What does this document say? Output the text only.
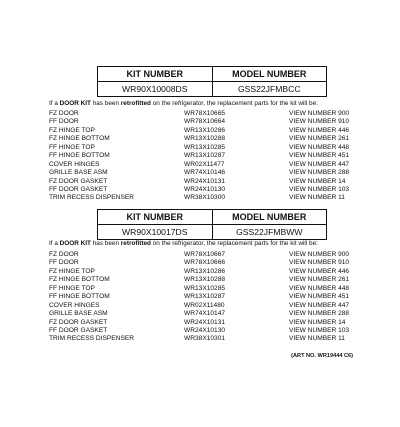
KIT NUMBER	MODEL NUMBER
WR90X10008DS	GSS22JFMBCC
If a DOOR KIT has been retrofitted on the refrigerator, the replacement parts for the kit will be:
FZ DOOR	WR78X10665	VIEW NUMBER 900
FF DOOR	WR78X10664	VIEW NUMBER 910
FZ HINGE TOP	WR13X10286	VIEW NUMBER 446
FZ HINGE BOTTOM	WR13X10288	VIEW NUMBER 261
FF HINGE TOP	WR13X10285	VIEW NUMBER 448
FF HINGE BOTTOM	WR13X10287	VIEW NUMBER 451
COVER HINGES	WR02X11477	VIEW NUMBER 447
GRILLE BASE ASM	WR74X10146	VIEW NUMBER 288
FZ DOOR GASKET	WR24X10131	VIEW NUMBER 14
FF DOOR GASKET	WR24X10130	VIEW NUMBER 103
TRIM RECESS DISPENSER	WR38X10300	VIEW NUMBER 11
KIT NUMBER	MODEL NUMBER
WR90X10017DS	GSS22JFMBWW
If a DOOR KIT has been retrofitted on the refrigerator, the replacement parts for the kit will be:
FZ DOOR	WR78X10667	VIEW NUMBER 900
FF DOOR	WR78X10666	VIEW NUMBER 910
FZ HINGE TOP	WR13X10286	VIEW NUMBER 446
FZ HINGE BOTTOM	WR13X10288	VIEW NUMBER 261
FF HINGE TOP	WR13X10285	VIEW NUMBER 448
FF HINGE BOTTOM	WR13X10287	VIEW NUMBER 451
COVER HINGES	WR02X11480	VIEW NUMBER 447
GRILLE BASE ASM	WR74X10147	VIEW NUMBER 288
FZ DOOR GASKET	WR24X10131	VIEW NUMBER 14
FF DOOR GASKET	WR24X10130	VIEW NUMBER 103
TRIM RECESS DISPENSER	WR38X10301	VIEW NUMBER 11
(ART NO. WR19444 C6)
